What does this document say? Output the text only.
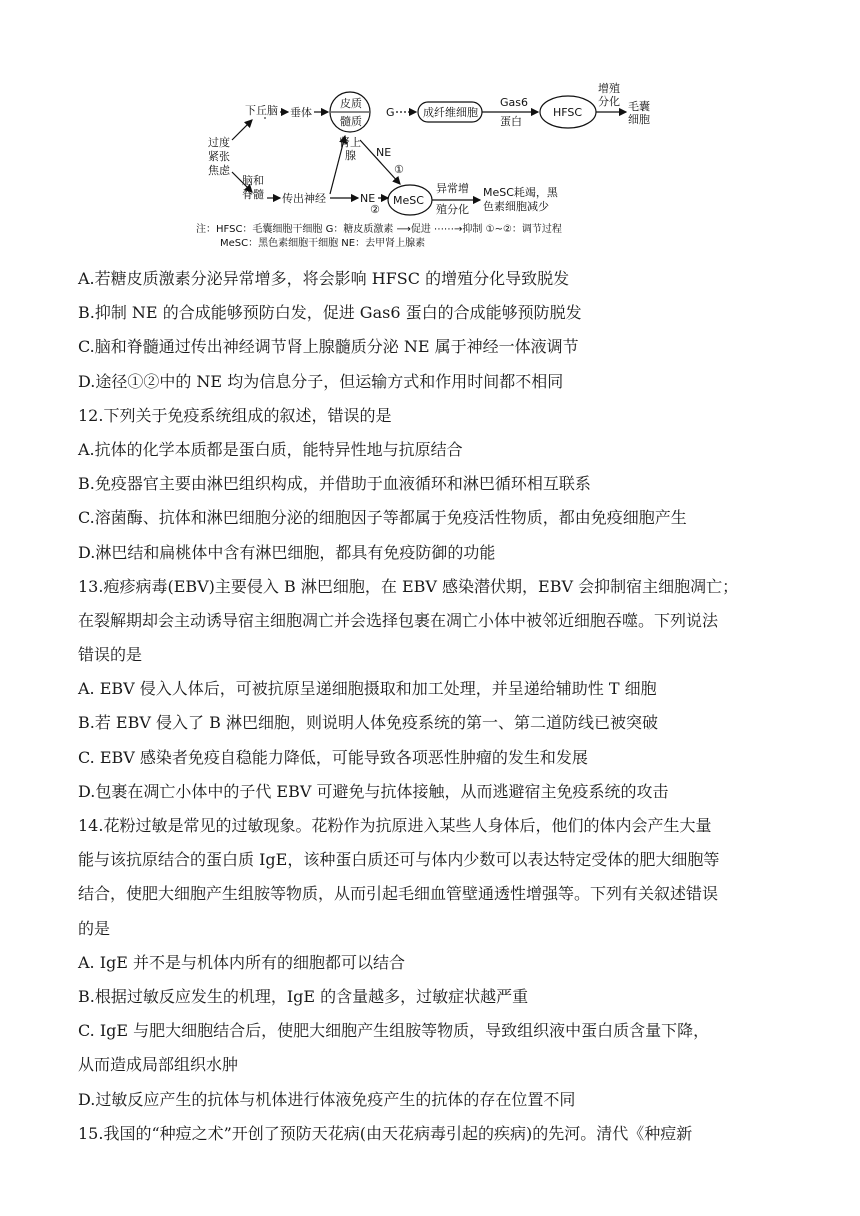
过度
紧张
焦虑
下丘脑 垂体
皮质
髓质
肾上
腺
G	成纤维细胞
Gas6
蛋白
HFSC
增殖
分化 毛囊
细胞
脑和
脊髓 传出神经	NE
②
NE
①
MeSC
异常增
殖分化
MeSC耗竭，黑
色素细胞减少
注：HFSC：毛囊细胞干细胞 G：糖皮质激素 ⟶促进 ⋯⋯→抑制 ①~②：调节过程
MeSC：黑色素细胞干细胞 NE：去甲肾上腺素
A.若糖皮质激素分泌异常增多，将会影响 HFSC 的增殖分化导致脱发
B.抑制 NE 的合成能够预防白发，促进 Gas6 蛋白的合成能够预防脱发
C.脑和脊髓通过传出神经调节肾上腺髓质分泌 NE 属于神经一体液调节
D.途径①②中的 NE 均为信息分子，但运输方式和作用时间都不相同
12.下列关于免疫系统组成的叙述，错误的是
A.抗体的化学本质都是蛋白质，能特异性地与抗原结合
B.免疫器官主要由淋巴组织构成，并借助于血液循环和淋巴循环相互联系
C.溶菌酶、抗体和淋巴细胞分泌的细胞因子等都属于免疫活性物质，都由免疫细胞产生
D.淋巴结和扁桃体中含有淋巴细胞，都具有免疫防御的功能
13.疱疹病毒(EBV)主要侵入 B 淋巴细胞，在 EBV 感染潜伏期，EBV 会抑制宿主细胞凋亡；
在裂解期却会主动诱导宿主细胞凋亡并会选择包裹在凋亡小体中被邻近细胞吞噬。下列说法
错误的是
A. EBV 侵入人体后，可被抗原呈递细胞摄取和加工处理，并呈递给辅助性 T 细胞
B.若 EBV 侵入了 B 淋巴细胞，则说明人体免疫系统的第一、第二道防线已被突破
C. EBV 感染者免疫自稳能力降低，可能导致各项恶性肿瘤的发生和发展
D.包裹在凋亡小体中的子代 EBV 可避免与抗体接触，从而逃避宿主免疫系统的攻击
14.花粉过敏是常见的过敏现象。花粉作为抗原进入某些人身体后，他们的体内会产生大量
能与该抗原结合的蛋白质 IgE，该种蛋白质还可与体内少数可以表达特定受体的肥大细胞等
结合，使肥大细胞产生组胺等物质，从而引起毛细血管壁通透性增强等。下列有关叙述错误
的是
A. IgE 并不是与机体内所有的细胞都可以结合
B.根据过敏反应发生的机理，IgE 的含量越多，过敏症状越严重
C. IgE 与肥大细胞结合后，使肥大细胞产生组胺等物质，导致组织液中蛋白质含量下降，
从而造成局部组织水肿
D.过敏反应产生的抗体与机体进行体液免疫产生的抗体的存在位置不同
15.我国的“种痘之术”开创了预防天花病(由天花病毒引起的疾病)的先河。清代《种痘新
